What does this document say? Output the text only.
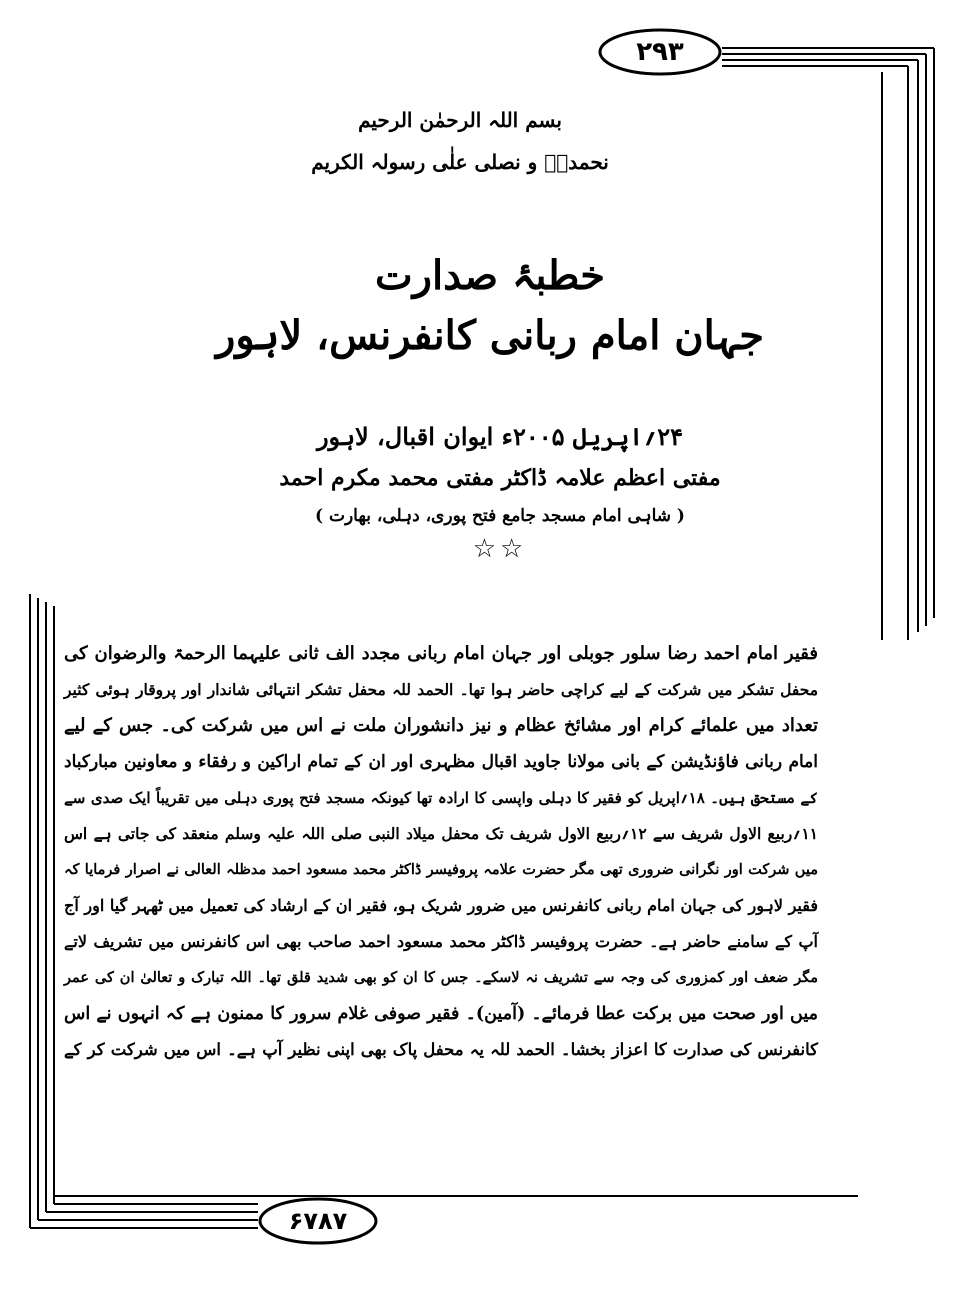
۲۹۳
۶۷۸۷
بسم اللہ الرحمٰن الرحیم
نحمدہٗ و نصلی علٰی رسولہ الکریم
خطبۂ صدارت
جہان امام ربانی کانفرنس، لاہور
۲۴؍اپریل ۲۰۰۵ء ایوان اقبال، لاہور
مفتی اعظم علامہ ڈاکٹر مفتی محمد مکرم احمد
( شاہی امام مسجد جامع فتح پوری، دہلی، بھارت )
☆☆
فقیر امام احمد رضا سلور جوبلی اور جہان امام ربانی مجدد الف ثانی علیہما الرحمۃ والرضوان کی
محفل تشکر میں شرکت کے لیے کراچی حاضر ہوا تھا۔ الحمد للہ محفل تشکر انتہائی شاندار اور پروقار ہوئی کثیر
تعداد میں علمائے کرام اور مشائخ عظام و نیز دانشوران ملت نے اس میں شرکت کی۔ جس کے لیے
امام ربانی فاؤنڈیشن کے بانی مولانا جاوید اقبال مظہری اور ان کے تمام اراکین و رفقاء و معاونین مبارکباد
کے مستحق ہیں۔ ۱۸؍اپریل کو فقیر کا دہلی واپسی کا ارادہ تھا کیونکہ مسجد فتح پوری دہلی میں تقریباً ایک صدی سے
۱۱؍ربیع الاول شریف سے ۱۲؍ربیع الاول شریف تک محفل میلاد النبی صلی اللہ علیہ وسلم منعقد کی جاتی ہے اس
میں شرکت اور نگرانی ضروری تھی مگر حضرت علامہ پروفیسر ڈاکٹر محمد مسعود احمد مدظلہ العالی نے اصرار فرمایا کہ
فقیر لاہور کی جہان امام ربانی کانفرنس میں ضرور شریک ہو، فقیر ان کے ارشاد کی تعمیل میں ٹھہر گیا اور آج
آپ کے سامنے حاضر ہے۔ حضرت پروفیسر ڈاکٹر محمد مسعود احمد صاحب بھی اس کانفرنس میں تشریف لاتے
مگر ضعف اور کمزوری کی وجہ سے تشریف نہ لاسکے۔ جس کا ان کو بھی شدید قلق تھا۔ اللہ تبارک و تعالیٰ ان کی عمر
میں اور صحت میں برکت عطا فرمائے۔ (آمین)۔ فقیر صوفی غلام سرور کا ممنون ہے کہ انہوں نے اس
کانفرنس کی صدارت کا اعزاز بخشا۔ الحمد للہ یہ محفل پاک بھی اپنی نظیر آپ ہے۔ اس میں شرکت کر کے
